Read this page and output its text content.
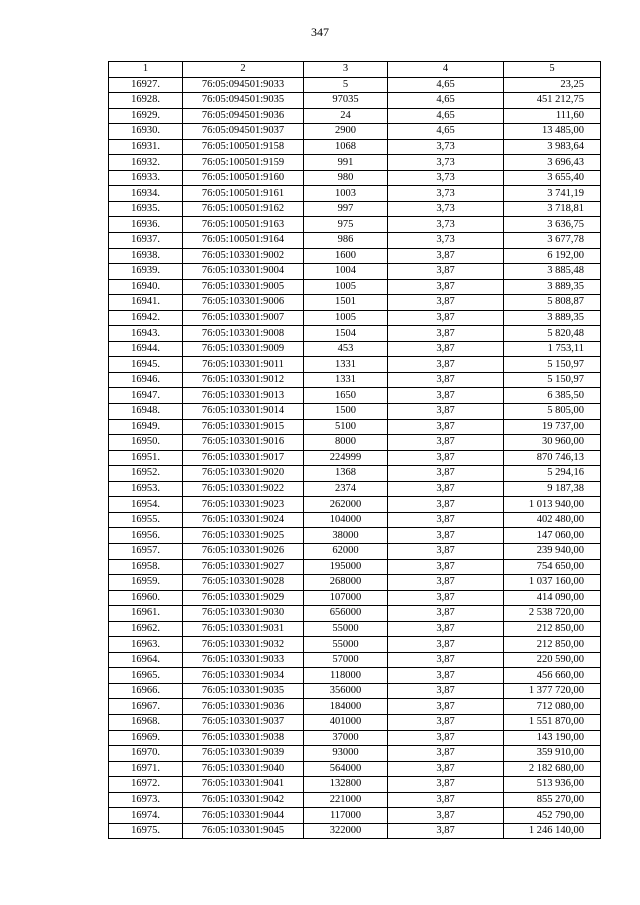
347
1	2	3	4	5
16927.	76:05:094501:9033	5	4,65	23,25
16928.	76:05:094501:9035	97035	4,65	451 212,75
16929.	76:05:094501:9036	24	4,65	111,60
16930.	76:05:094501:9037	2900	4,65	13 485,00
16931.	76:05:100501:9158	1068	3,73	3 983,64
16932.	76:05:100501:9159	991	3,73	3 696,43
16933.	76:05:100501:9160	980	3,73	3 655,40
16934.	76:05:100501:9161	1003	3,73	3 741,19
16935.	76:05:100501:9162	997	3,73	3 718,81
16936.	76:05:100501:9163	975	3,73	3 636,75
16937.	76:05:100501:9164	986	3,73	3 677,78
16938.	76:05:103301:9002	1600	3,87	6 192,00
16939.	76:05:103301:9004	1004	3,87	3 885,48
16940.	76:05:103301:9005	1005	3,87	3 889,35
16941.	76:05:103301:9006	1501	3,87	5 808,87
16942.	76:05:103301:9007	1005	3,87	3 889,35
16943.	76:05:103301:9008	1504	3,87	5 820,48
16944.	76:05:103301:9009	453	3,87	1 753,11
16945.	76:05:103301:9011	1331	3,87	5 150,97
16946.	76:05:103301:9012	1331	3,87	5 150,97
16947.	76:05:103301:9013	1650	3,87	6 385,50
16948.	76:05:103301:9014	1500	3,87	5 805,00
16949.	76:05:103301:9015	5100	3,87	19 737,00
16950.	76:05:103301:9016	8000	3,87	30 960,00
16951.	76:05:103301:9017	224999	3,87	870 746,13
16952.	76:05:103301:9020	1368	3,87	5 294,16
16953.	76:05:103301:9022	2374	3,87	9 187,38
16954.	76:05:103301:9023	262000	3,87	1 013 940,00
16955.	76:05:103301:9024	104000	3,87	402 480,00
16956.	76:05:103301:9025	38000	3,87	147 060,00
16957.	76:05:103301:9026	62000	3,87	239 940,00
16958.	76:05:103301:9027	195000	3,87	754 650,00
16959.	76:05:103301:9028	268000	3,87	1 037 160,00
16960.	76:05:103301:9029	107000	3,87	414 090,00
16961.	76:05:103301:9030	656000	3,87	2 538 720,00
16962.	76:05:103301:9031	55000	3,87	212 850,00
16963.	76:05:103301:9032	55000	3,87	212 850,00
16964.	76:05:103301:9033	57000	3,87	220 590,00
16965.	76:05:103301:9034	118000	3,87	456 660,00
16966.	76:05:103301:9035	356000	3,87	1 377 720,00
16967.	76:05:103301:9036	184000	3,87	712 080,00
16968.	76:05:103301:9037	401000	3,87	1 551 870,00
16969.	76:05:103301:9038	37000	3,87	143 190,00
16970.	76:05:103301:9039	93000	3,87	359 910,00
16971.	76:05:103301:9040	564000	3,87	2 182 680,00
16972.	76:05:103301:9041	132800	3,87	513 936,00
16973.	76:05:103301:9042	221000	3,87	855 270,00
16974.	76:05:103301:9044	117000	3,87	452 790,00
16975.	76:05:103301:9045	322000	3,87	1 246 140,00
